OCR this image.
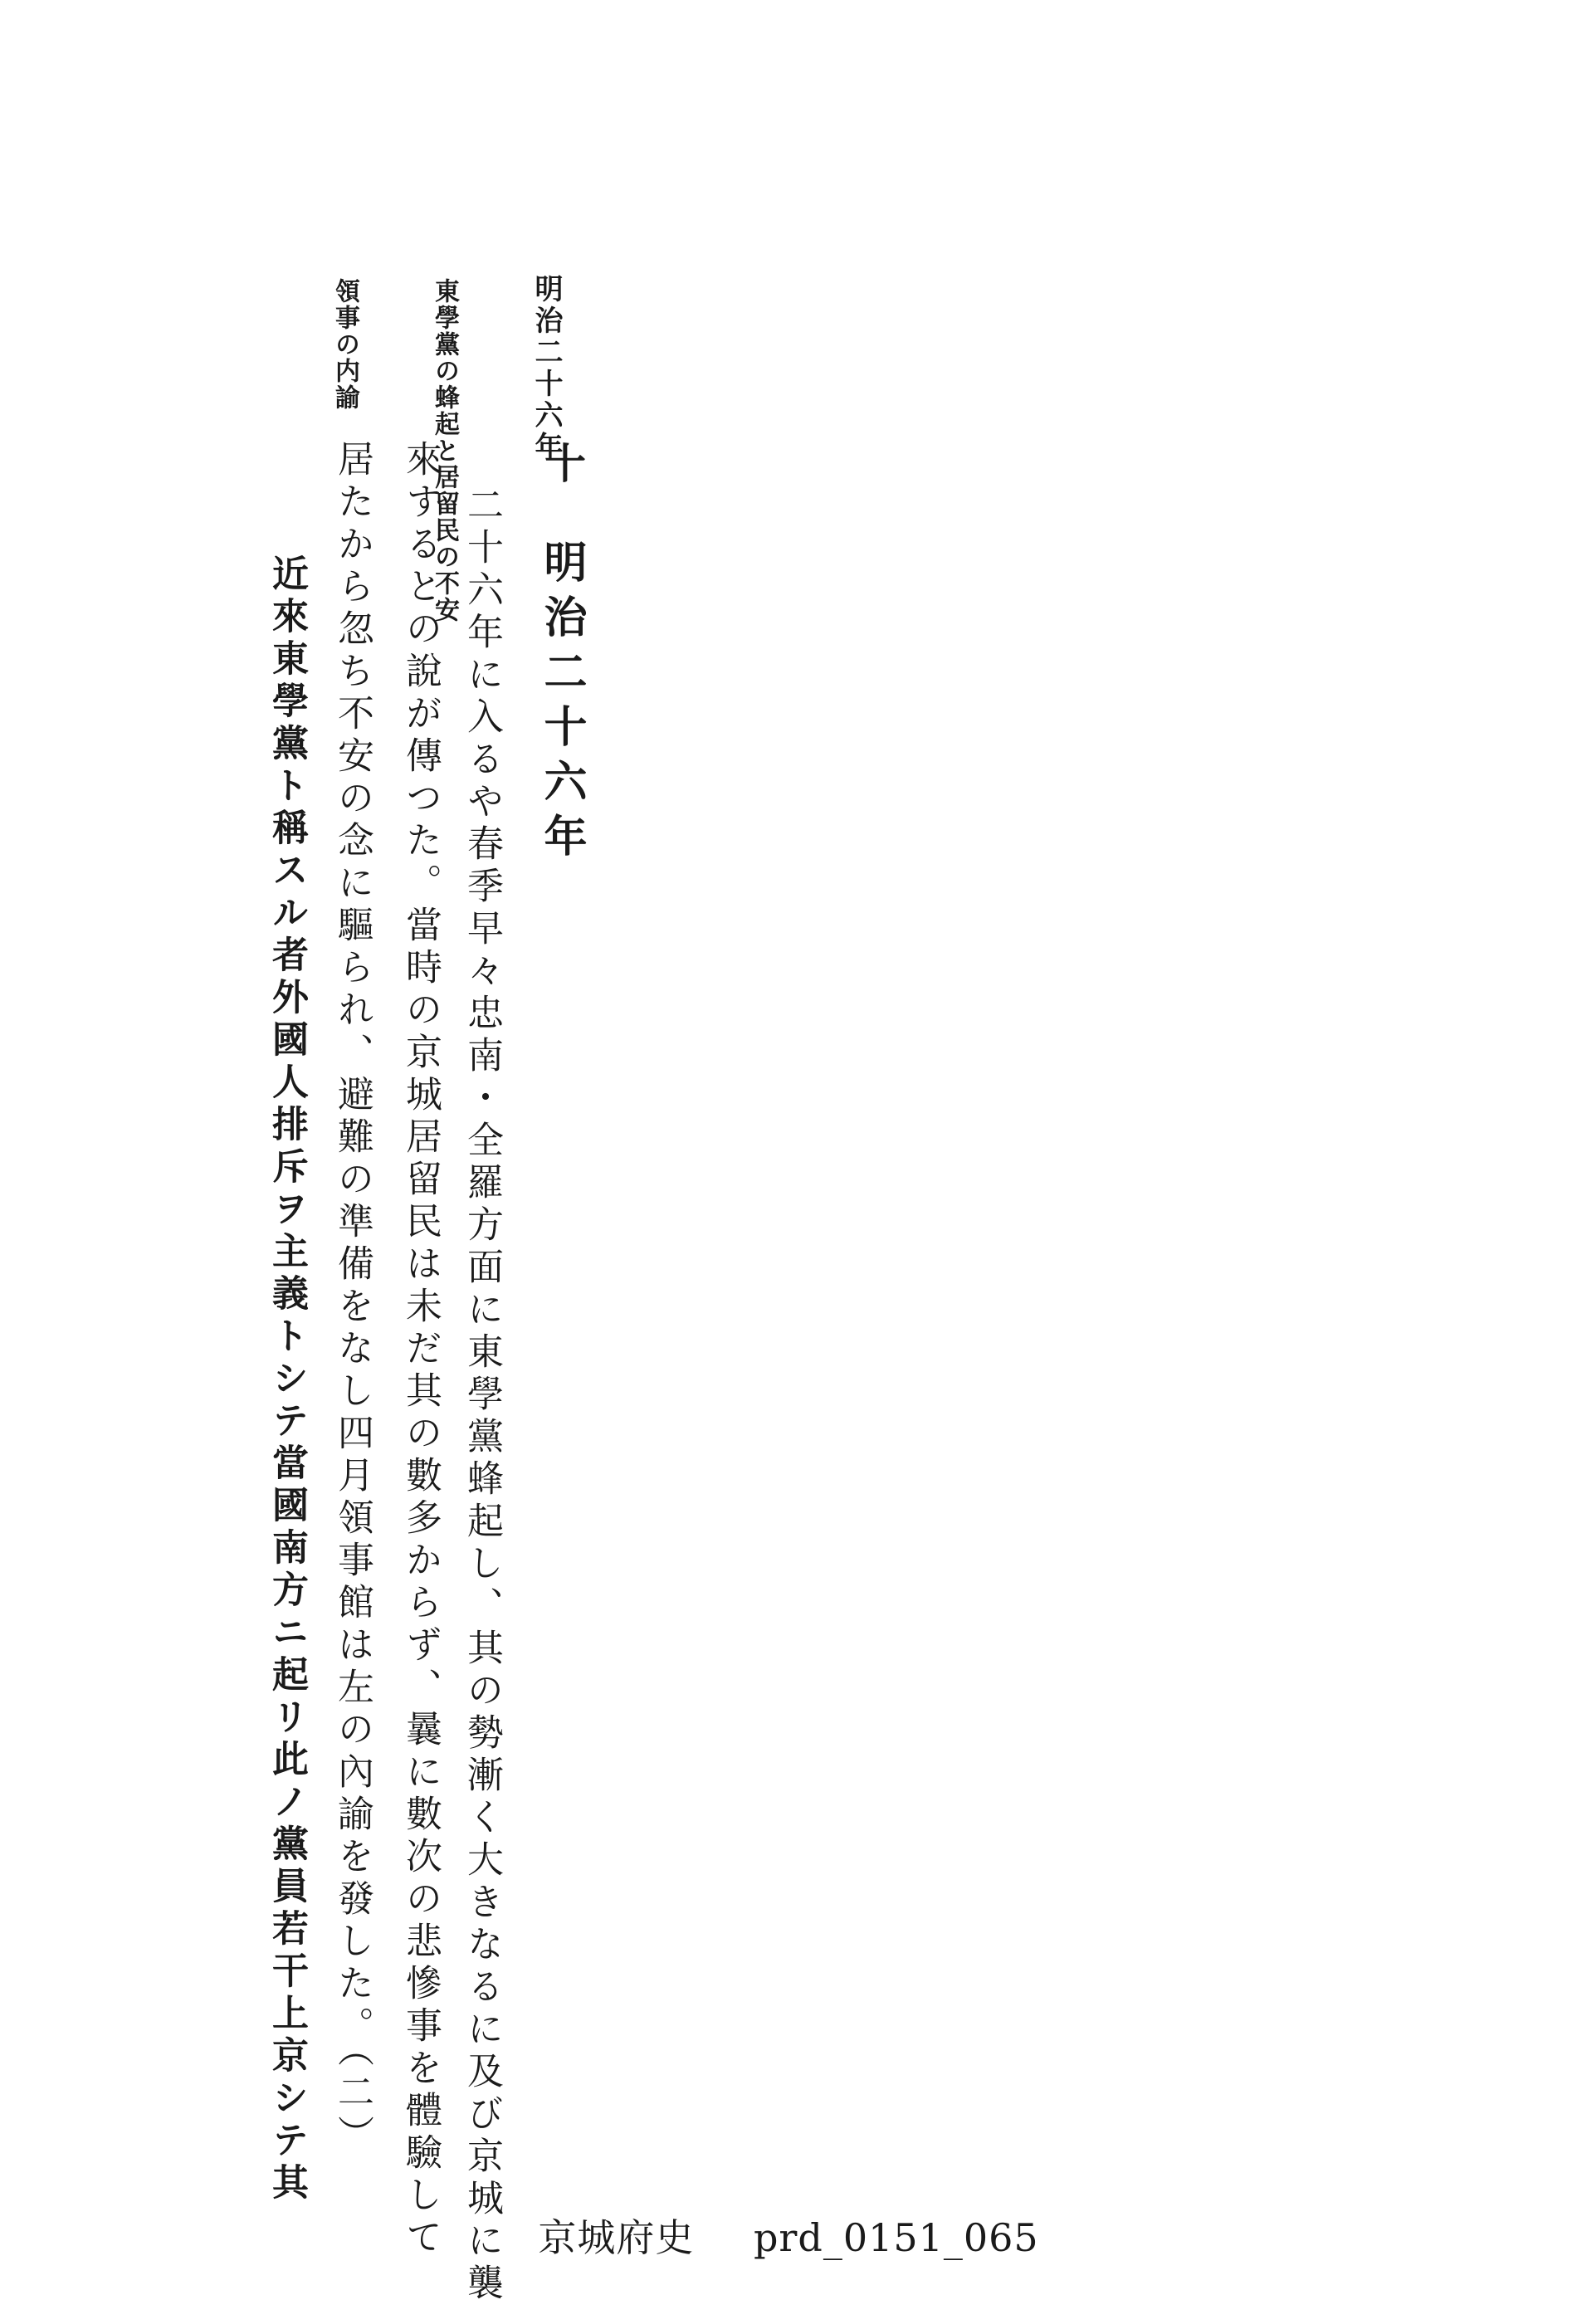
明治二十六年
東學黨の蜂起と居留民の不安
領事の内諭
十
明治二十六年
二十六年に入るや春季早々忠南・全羅方面に東學黨蜂起し、其の勢漸く大きなるに及び京城に襲
來するとの說が傳つた。當時の京城居留民は未だ其の數多からず、曩に數次の悲慘事を體驗して
居たから忽ち不安の念に驅られ、避難の準備をなし四月領事館は左の內諭を發した。（二）
近來東學黨ト稱スル者外國人排斥ヲ主義トシテ當國南方ニ起リ此ノ黨員若干上京シテ其
京城府史 prd_0151_065
